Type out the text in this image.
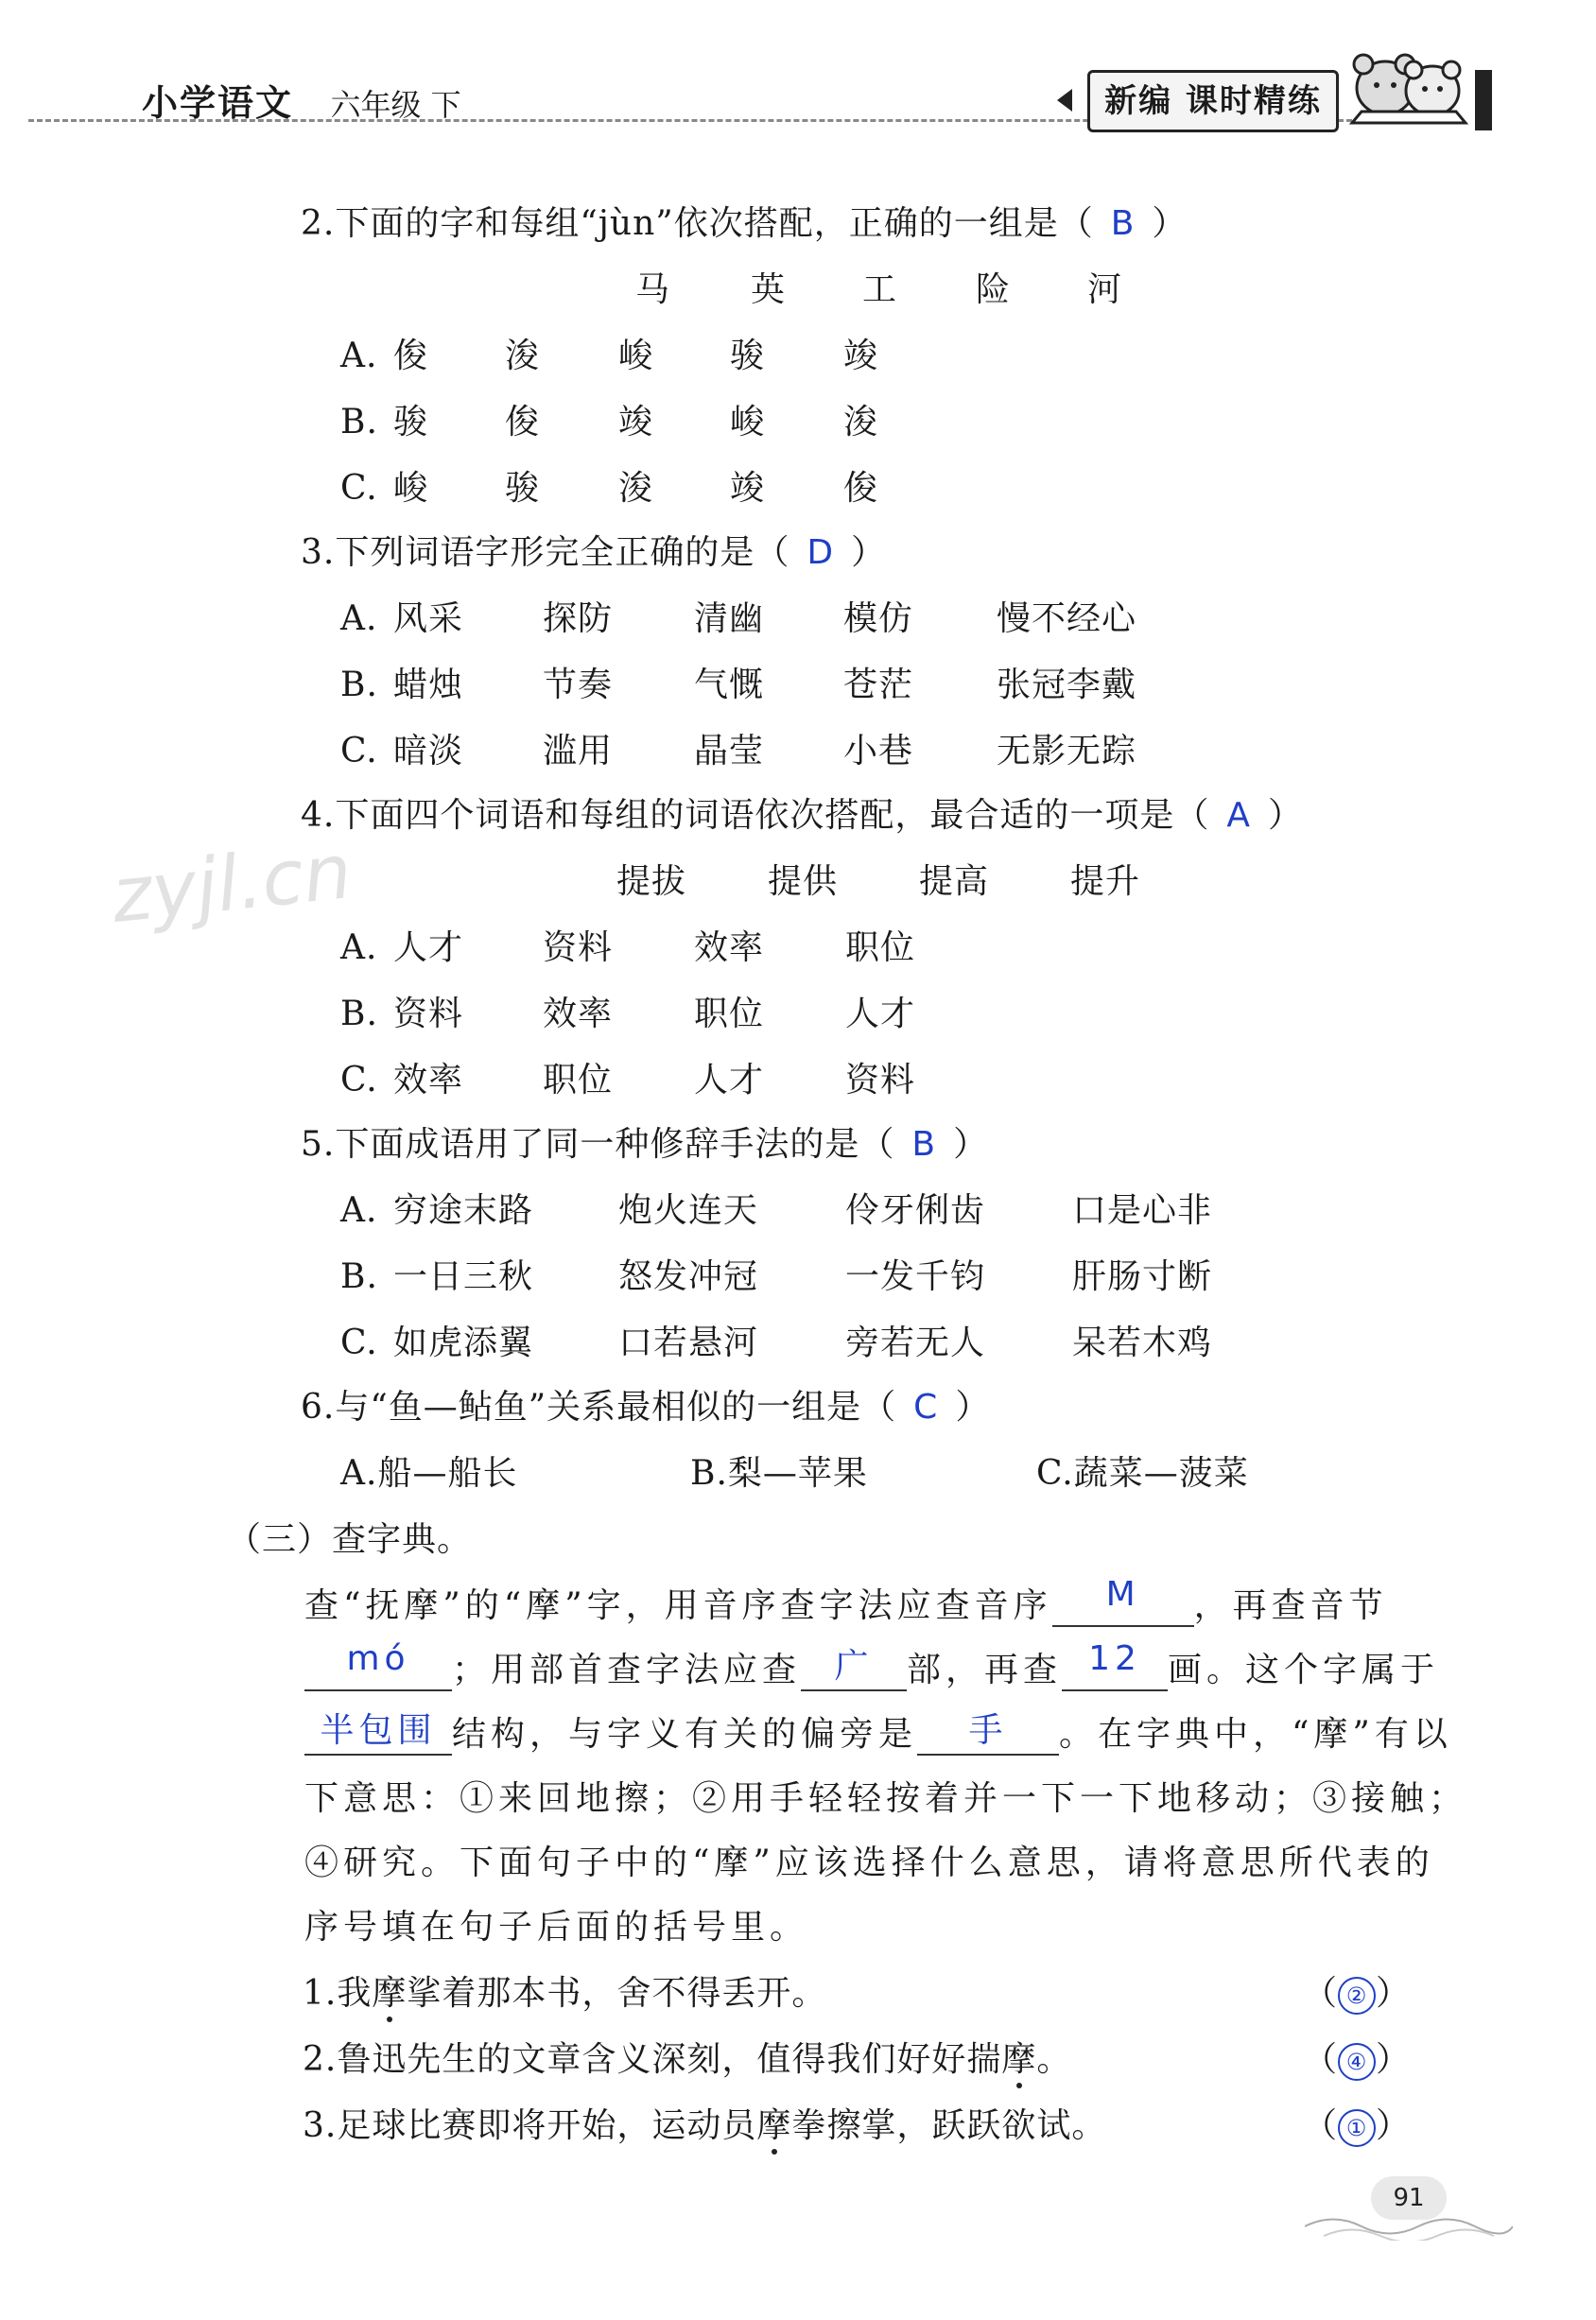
小学语文 六年级 下	新编 课时精练
zyjl.cn
2.下面的字和每组“jùn”依次搭配，正确的一组是（ B ）
马 英 工 险 河
A. 俊 浚 峻 骏 竣
B. 骏 俊 竣 峻 浚
C. 峻 骏 浚 竣 俊
3.下列词语字形完全正确的是（ D ）
A. 风采 探防 清幽 模仿 慢不经心
B. 蜡烛 节奏 气慨 苍茫 张冠李戴
C. 暗淡 滥用 晶莹 小巷 无影无踪
4.下面四个词语和每组的词语依次搭配，最合适的一项是（ A ）
提拔 提供 提高 提升
A. 人才 资料 效率 职位
B. 资料 效率 职位 人才
C. 效率 职位 人才 资料
5.下面成语用了同一种修辞手法的是（ B ）
A. 穷途末路 炮火连天	伶牙俐齿	口是心非
B. 一日三秋 怒发冲冠	一发千钧	肝肠寸断
C. 如虎添翼 口若悬河	旁若无人	呆若木鸡
6.与“鱼—鲇鱼”关系最相似的一组是（ C ）
A.船—船长	B.梨—苹果	C.蔬菜—菠菜
（三）查字典。
查“抚摩”的“摩”字，用音序查字法应查音序	M	，再查音节
mó	；用部首查字法应查 广 部，再查 12 画。这个字属于
半包围 结构，与字义有关的偏旁是	手	。在字典中，“摩”有以
下意思：①来回地擦；②用手轻轻按着并一下一下地移动；③接触；
④研究。下面句子中的“摩”应该选择什么意思，请将意思所代表的
序号填在句子后面的括号里。
1.我摩挲着那本书，舍不得丢开。	（ ② ）
2.鲁迅先生的文章含义深刻，值得我们好好揣摩。	（ ④ ）
3.足球比赛即将开始，运动员摩拳擦掌，跃跃欲试。	（ ① ）
91
